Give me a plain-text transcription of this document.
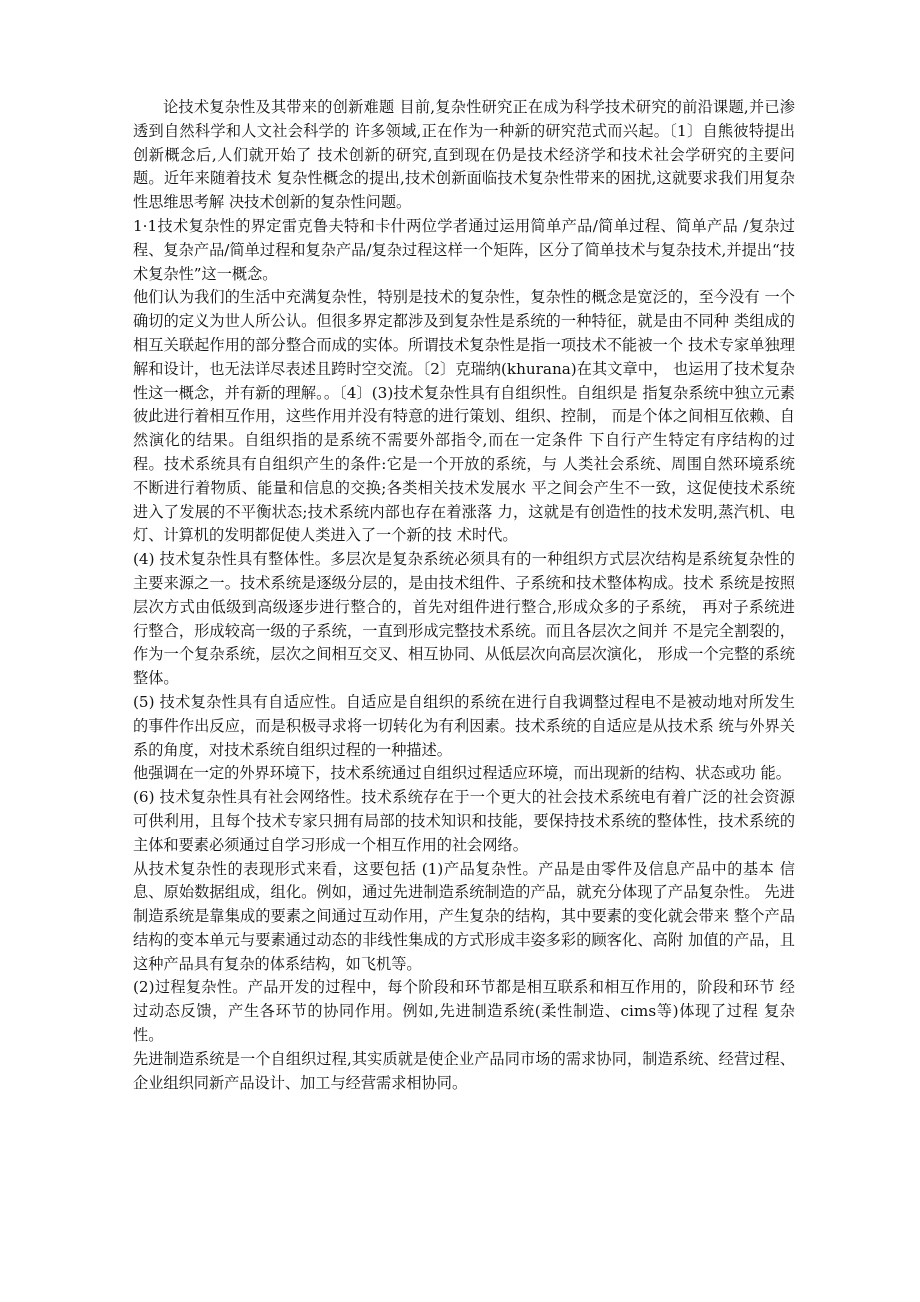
论技术复杂性及其带来的创新难题 目前,复杂性研究正在成为科学技术研究的前沿课题,并已渗透到自然科学和人文社会科学的 许多领域,正在作为一种新的研究范式而兴起。〔1〕自熊彼特提出创新概念后,人们就开始了 技术创新的研究,直到现在仍是技术经济学和技术社会学研究的主要问题。近年来随着技术 复杂性概念的提出,技术创新面临技术复杂性带来的困扰,这就要求我们用复杂性思维思考解 决技术创新的复杂性问题。

1·1技术复杂性的界定雷克鲁夫特和卡什两位学者通过运用简单产品/简单过程、简单产品 /复杂过程、复杂产品/简单过程和复杂产品/复杂过程这样一个矩阵，区分了简单技术与复杂技术,并提出“技术复杂性”这一概念。

他们认为我们的生活中充满复杂性，特别是技术的复杂性，复杂性的概念是宽泛的，至今没有 一个确切的定义为世人所公认。但很多界定都涉及到复杂性是系统的一种特征，就是由不同种 类组成的相互关联起作用的部分整合而成的实体。所谓技术复杂性是指一项技术不能被一个 技术专家单独理解和设计，也无法详尽表述且跨时空交流。〔2〕克瑞纳(khurana)在其文章中， 也运用了技术复杂性这一概念，并有新的理解。。〔4〕(3)技术复杂性具有自组织性。自组织是 指复杂系统中独立元素彼此进行着相互作用，这些作用并没有特意的进行策划、组织、控制， 而是个体之间相互依赖、自然演化的结果。自组织指的是系统不需要外部指令,而在一定条件 下自行产生特定有序结构的过程。技术系统具有自组织产生的条件:它是一个开放的系统，与 人类社会系统、周围自然环境系统不断进行着物质、能量和信息的交换;各类相关技术发展水 平之间会产生不一致，这促使技术系统进入了发展的不平衡状态;技术系统内部也存在着涨落 力，这就是有创造性的技术发明,蒸汽机、电灯、计算机的发明都促使人类进入了一个新的技 术时代。

(4) 技术复杂性具有整体性。多层次是复杂系统必须具有的一种组织方式层次结构是系统复杂性的主要来源之一。技术系统是逐级分层的，是由技术组件、子系统和技术整体构成。技术 系统是按照层次方式由低级到高级逐步进行整合的，首先对组件进行整合,形成众多的子系统， 再对子系统进行整合，形成较高一级的子系统，一直到形成完整技术系统。而且各层次之间并 不是完全割裂的，作为一个复杂系统，层次之间相互交叉、相互协同、从低层次向高层次演化， 形成一个完整的系统整体。

(5) 技术复杂性具有自适应性。自适应是自组织的系统在进行自我调整过程电不是被动地对所发生的事件作出反应，而是积极寻求将一切转化为有利因素。技术系统的自适应是从技术系 统与外界关系的角度，对技术系统自组织过程的一种描述。

他强调在一定的外界环境下，技术系统通过自组织过程适应环境，而出现新的结构、状态或功 能。

(6) 技术复杂性具有社会网络性。技术系统存在于一个更大的社会技术系统电有着广泛的社会资源可供利用，且每个技术专家只拥有局部的技术知识和技能，要保持技术系统的整体性，技术系统的主体和要素必须通过自学习形成一个相互作用的社会网络。

从技术复杂性的表现形式来看，这要包括 (1)产品复杂性。产品是由零件及信息产品中的基本 信息、原始数据组成，组化。例如，通过先进制造系统制造的产品，就充分体现了产品复杂性。 先进制造系统是靠集成的要素之间通过互动作用，产生复杂的结构，其中要素的变化就会带来 整个产品结构的变本单元与要素通过动态的非线性集成的方式形成丰姿多彩的顾客化、高附 加值的产品，且这种产品具有复杂的体系结构，如飞机等。

(2)过程复杂性。产品开发的过程中，每个阶段和环节都是相互联系和相互作用的，阶段和环节 经过动态反馈，产生各环节的协同作用。例如,先进制造系统(柔性制造、cims等)体现了过程 复杂性。

先进制造系统是一个自组织过程,其实质就是使企业产品同市场的需求协同，制造系统、经营过程、企业组织同新产品设计、加工与经营需求相协同。
